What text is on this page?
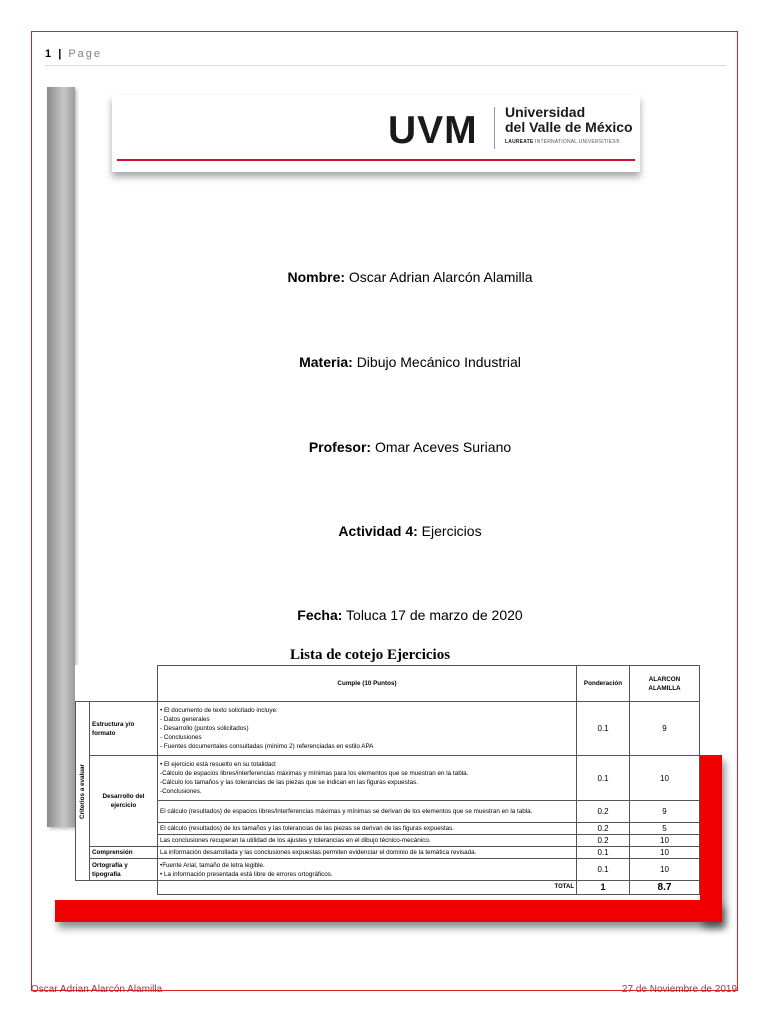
1 | Page
UVM Universidad
del Valle de México
LAUREATE INTERNATIONAL UNIVERSITIES®
Nombre: Oscar Adrian Alarcón Alamilla
Materia: Dibujo Mecánico Industrial
Profesor: Omar Aceves Suriano
Actividad 4: Ejercicios
Fecha: Toluca 17 de marzo de 2020
Lista de cotejo Ejercicios
		Cumple (10 Puntos)	Ponderación	ALARCON ALAMILLA

Criterios a evaluar	Estructura y/o formato	• El documento de texto solicitado incluye:
- Datos generales
- Desarrollo (puntos solicitados)
- Conclusiones
- Fuentes documentales consultadas (mínimo 2) referenciadas en estilo APA	0.1	9
	Desarrollo del ejercicio	• El ejercicio está resuelto en su totalidad:
-Cálculo de espacios libres/interferencias máximas y mínimas para los elementos que se muestran en la tabla.
-Cálculo los tamaños y las tolerancias de las piezas que se indican en las figuras expuestas.
-Conclusiones.	0.1	10
		El cálculo (resultados) de espacios libres/interferencias máximas y mínimas se derivan de los elementos que se muestran en la tabla.	0.2	9
		El cálculo (resultados) de los tamaños y las tolerancias de las piezas se derivan de las figuras expuestas.	0.2	5
		Las conclusiones recuperan la utilidad de los ajustes y tolerancias en el dibujo técnico-mecánico.	0.2	10
	Comprensión	La información desarrollada y las conclusiones expuestas permiten evidenciar el dominio de la temática revisada.	0.1	10
	Ortografía y tipografía	•Fuente Arial, tamaño de letra legible.
• La información presentada está libre de errores ortográficos.	0.1	10
		TOTAL	1	8.7
Oscar Adrian Alarcón Alamilla	27 de Noviembre de 2019
